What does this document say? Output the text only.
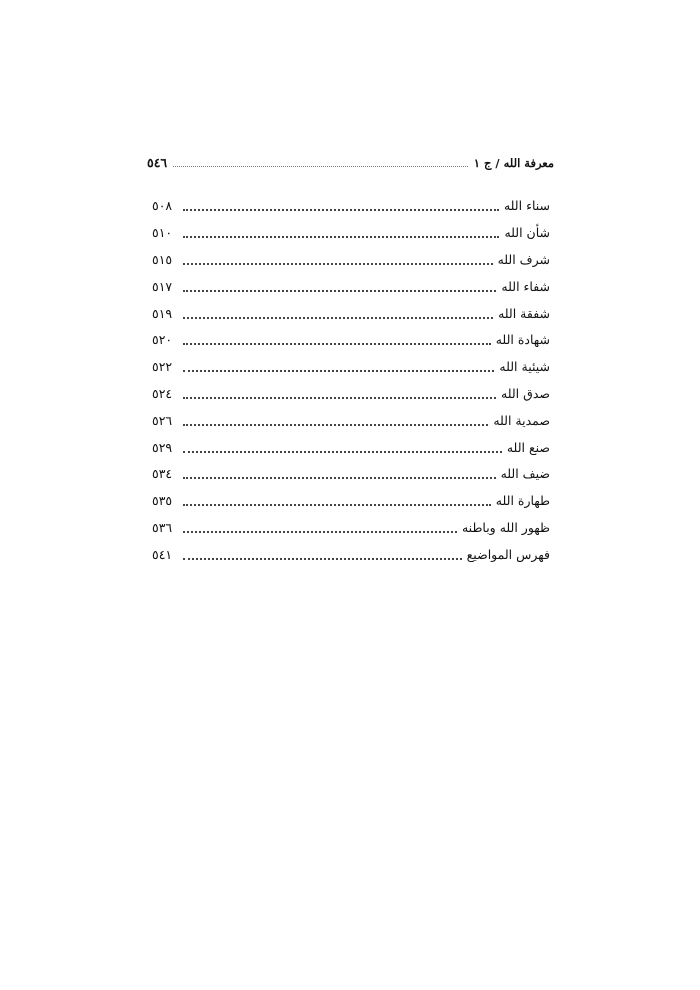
معرفة الله / ج ١
٥٤٦
سناء الله
٥٠٨
شأن الله
٥١٠
شرف الله
٥١٥
شفاء الله
٥١٧
شفقة الله
٥١٩
شهادة الله
٥٢٠
شيئية الله
٥٢٢
صدق الله
٥٢٤
صمدية الله
٥٢٦
صنع الله
٥٢٩
ضيف الله
٥٣٤
طهارة الله
٥٣٥
ظهور الله وباطنه
٥٣٦
فهرس المواضيع
٥٤١
